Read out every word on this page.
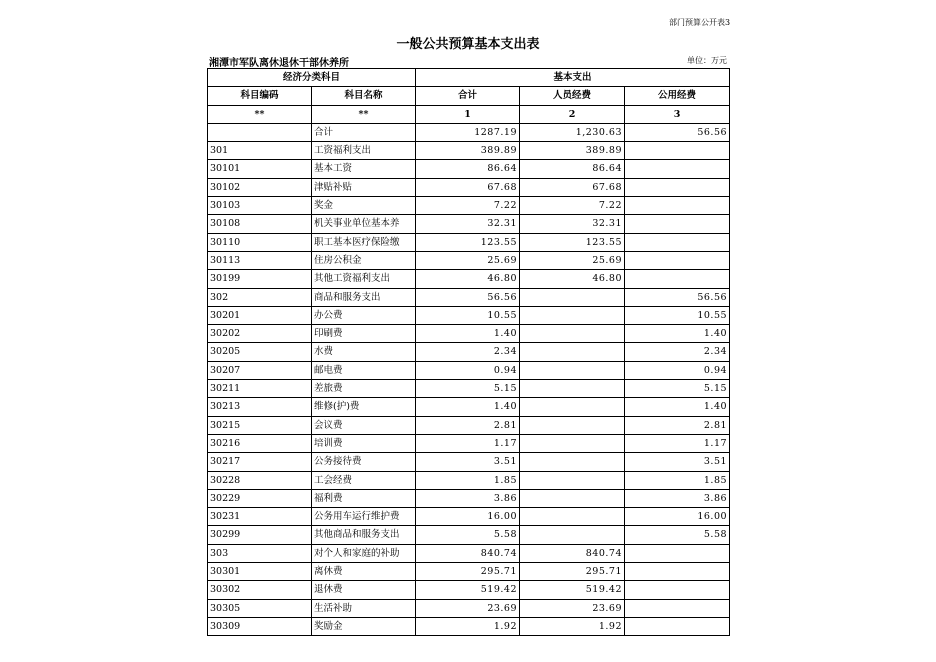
部门预算公开表3
一般公共预算基本支出表
湘潭市军队离休退休干部休养所	单位：万元
经济分类科目		基本支出		
科目编码	科目名称	合计	人员经费	公用经费
**	**	1	2	3
	合计	1287.19	1,230.63	56.56
301	工资福利支出	389.89	389.89	
30101	基本工资	86.64	86.64	
30102	津贴补贴	67.68	67.68	
30103	奖金	7.22	7.22	
30108	机关事业单位基本养	32.31	32.31	
30110	职工基本医疗保险缴	123.55	123.55	
30113	住房公积金	25.69	25.69	
30199	其他工资福利支出	46.80	46.80	
302	商品和服务支出	56.56		56.56
30201	办公费	10.55		10.55
30202	印刷费	1.40		1.40
30205	水费	2.34		2.34
30207	邮电费	0.94		0.94
30211	差旅费	5.15		5.15
30213	维修(护)费	1.40		1.40
30215	会议费	2.81		2.81
30216	培训费	1.17		1.17
30217	公务接待费	3.51		3.51
30228	工会经费	1.85		1.85
30229	福利费	3.86		3.86
30231	公务用车运行维护费	16.00		16.00
30299	其他商品和服务支出	5.58		5.58
303	对个人和家庭的补助	840.74	840.74	
30301	离休费	295.71	295.71	
30302	退休费	519.42	519.42	
30305	生活补助	23.69	23.69	
30309	奖励金	1.92	1.92	
